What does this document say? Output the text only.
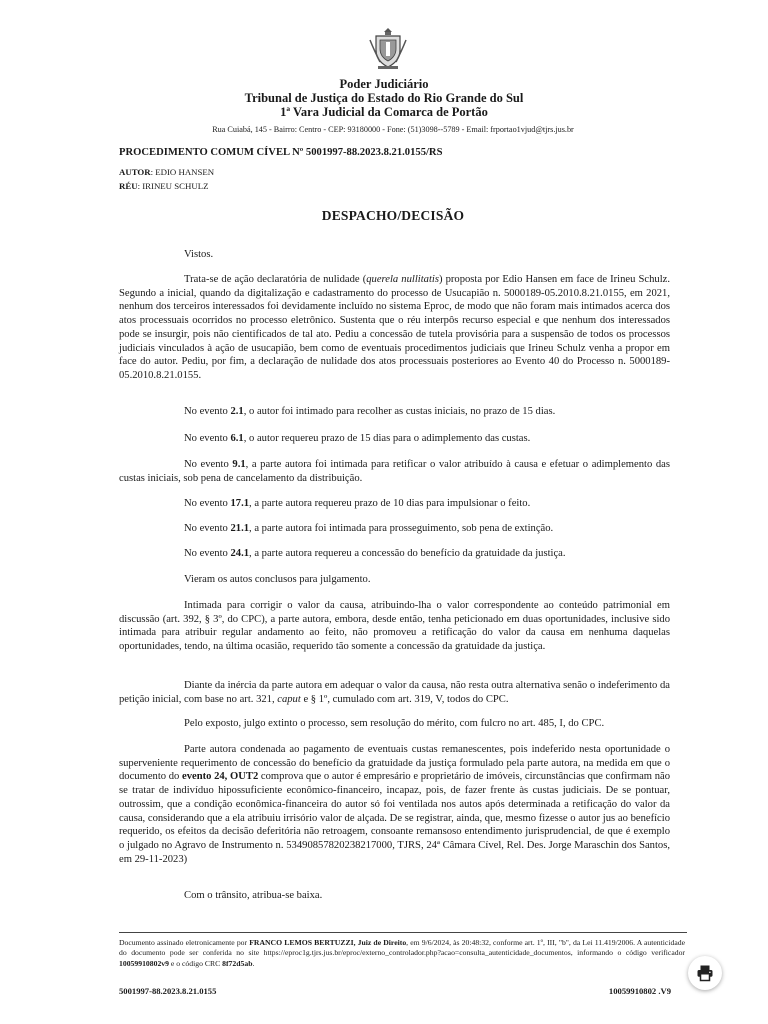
Poder Judiciário
Tribunal de Justiça do Estado do Rio Grande do Sul
1ª Vara Judicial da Comarca de Portão
Rua Cuiabá, 145 - Bairro: Centro - CEP: 93180000 - Fone: (51)3098--5789 - Email: frportao1vjud@tjrs.jus.br
PROCEDIMENTO COMUM CÍVEL Nº 5001997-88.2023.8.21.0155/RS
AUTOR: EDIO HANSEN
RÉU: IRINEU SCHULZ
DESPACHO/DECISÃO

Vistos.

Trata-se de ação declaratória de nulidade (querela nullitatis) proposta por Edio Hansen em face de Irineu Schulz. Segundo a inicial, quando da digitalização e cadastramento do processo de Usucapião n. 5000189-05.2010.8.21.0155, em 2021, nenhum dos terceiros interessados foi devidamente incluído no sistema Eproc, de modo que não foram mais intimados acerca dos atos processuais ocorridos no processo eletrônico. Sustenta que o réu interpôs recurso especial e que nenhum dos interessados pode se insurgir, pois não cientificados de tal ato. Pediu a concessão de tutela provisória para a suspensão de todos os processos judiciais vinculados à ação de usucapião, bem como de eventuais procedimentos judiciais que Irineu Schulz venha a propor em face do autor. Pediu, por fim, a declaração de nulidade dos atos processuais posteriores ao Evento 40 do Processo n. 5000189-05.2010.8.21.0155.

No evento 2.1, o autor foi intimado para recolher as custas iniciais, no prazo de 15 dias.

No evento 6.1, o autor requereu prazo de 15 dias para o adimplemento das custas.

No evento 9.1, a parte autora foi intimada para retificar o valor atribuído à causa e efetuar o adimplemento das custas iniciais, sob pena de cancelamento da distribuição.

No evento 17.1, a parte autora requereu prazo de 10 dias para impulsionar o feito.

No evento 21.1, a parte autora foi intimada para prosseguimento, sob pena de extinção.

No evento 24.1, a parte autora requereu a concessão do benefício da gratuidade da justiça.

Vieram os autos conclusos para julgamento.

Intimada para corrigir o valor da causa, atribuindo-lha o valor correspondente ao conteúdo patrimonial em discussão (art. 392, § 3º, do CPC), a parte autora, embora, desde então, tenha peticionado em duas oportunidades, inclusive sido intimada para atribuir regular andamento ao feito, não promoveu a retificação do valor da causa em nenhuma daquelas oportunidades, tendo, na última ocasião, requerido tão somente a concessão da gratuidade da justiça.

Diante da inércia da parte autora em adequar o valor da causa, não resta outra alternativa senão o indeferimento da petição inicial, com base no art. 321, caput e § 1º, cumulado com art. 319, V, todos do CPC.

Pelo exposto, julgo extinto o processo, sem resolução do mérito, com fulcro no art. 485, I, do CPC.

Parte autora condenada ao pagamento de eventuais custas remanescentes, pois indeferido nesta oportunidade o superveniente requerimento de concessão do benefício da gratuidade da justiça formulado pela parte autora, na medida em que o documento do evento 24, OUT2 comprova que o autor é empresário e proprietário de imóveis, circunstâncias que confirmam não se tratar de indivíduo hipossuficiente econômico-financeiro, incapaz, pois, de fazer frente às custas judiciais. De se pontuar, outrossim, que a condição econômica-financeira do autor só foi ventilada nos autos após determinada a retificação do valor da causa, considerando que a ela atribuiu irrisório valor de alçada. De se registrar, ainda, que, mesmo fizesse o autor jus ao benefício requerido, os efeitos da decisão deferitória não retroagem, consoante remansoso entendimento jurisprudencial, de que é exemplo o julgado no Agravo de Instrumento n. 53490857820238217000, TJRS, 24ª Câmara Cível, Rel. Des. Jorge Maraschin dos Santos, em 29-11-2023)

Com o trânsito, atribua-se baixa.

Documento assinado eletronicamente por FRANCO LEMOS BERTUZZI, Juiz de Direito, em 9/6/2024, às 20:48:32, conforme art. 1º, III, "b", da Lei 11.419/2006. A autenticidade do documento pode ser conferida no site https://eproc1g.tjrs.jus.br/eproc/externo_controlador.php?acao=consulta_autenticidade_documentos, informando o código verificador 10059910802v9 e o código CRC 8f72d5ab.

5001997-88.2023.8.21.0155	10059910802 .V9
